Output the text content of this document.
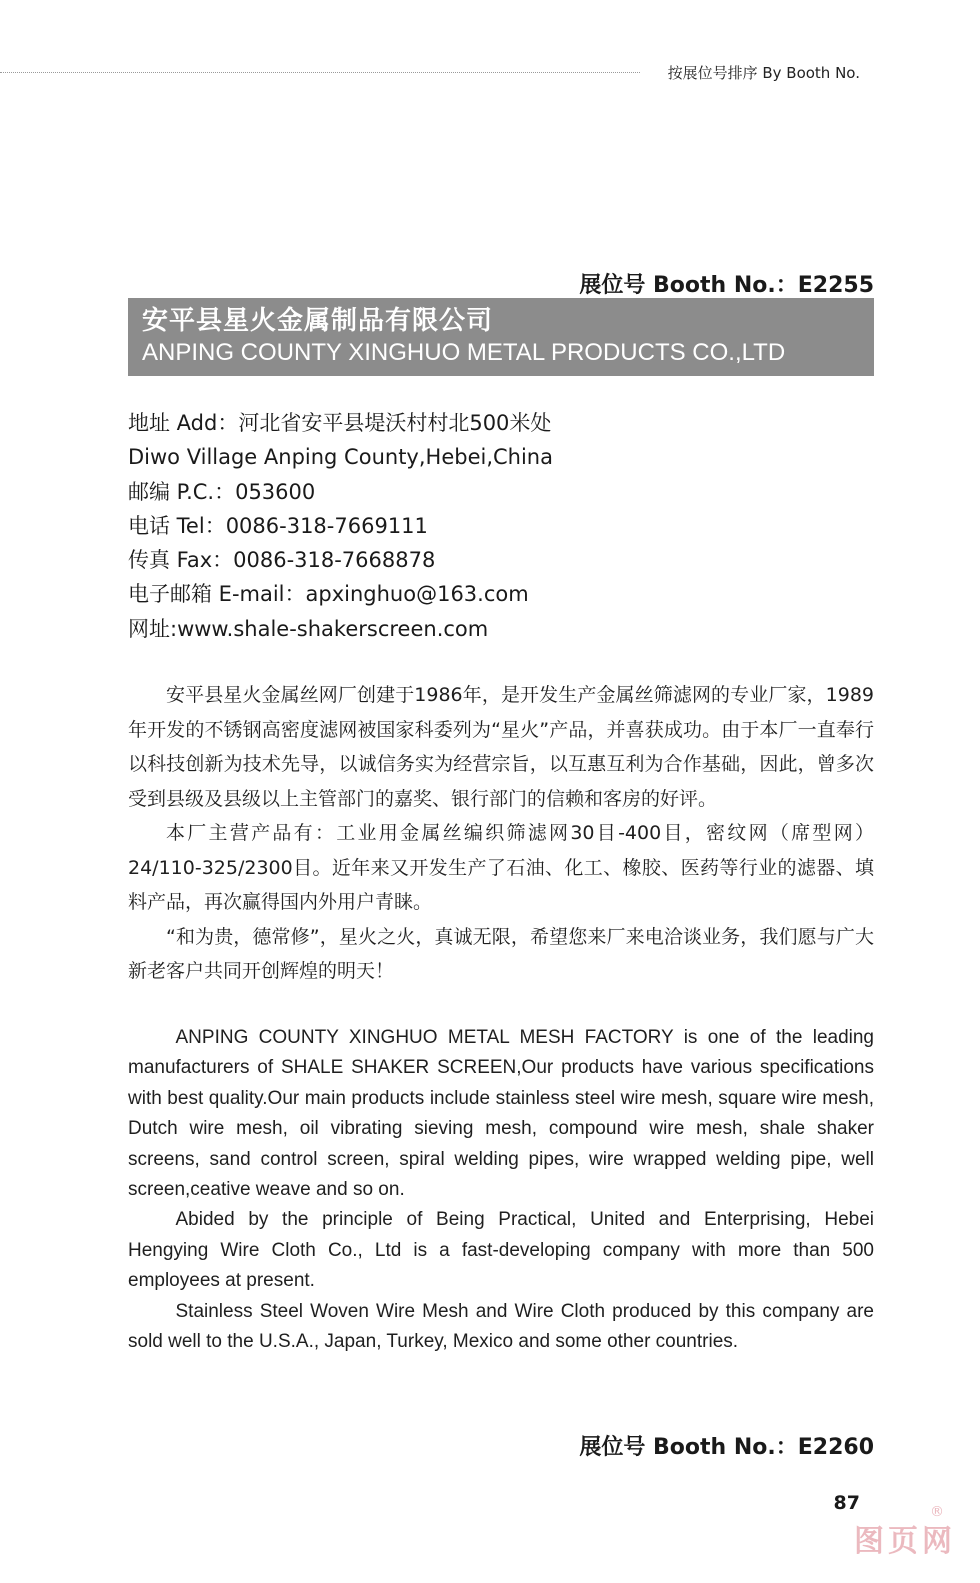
按展位号排序 By Booth No.
展位号 Booth No.：E2255
安平县星火金属制品有限公司
ANPING COUNTY XINGHUO METAL PRODUCTS CO.,LTD
地址 Add：河北省安平县堤沃村村北500米处
Diwo Village Anping County,Hebei,China
邮编 P.C.：053600
电话 Tel：0086-318-7669111
传真 Fax：0086-318-7668878
电子邮箱 E-mail：apxinghuo@163.com
网址:www.shale-shakerscreen.com

安平县星火金属丝网厂创建于1986年，是开发生产金属丝筛滤网的专业厂家，1989年开发的不锈钢高密度滤网被国家科委列为“星火”产品，并喜获成功。由于本厂一直奉行以科技创新为技术先导，以诚信务实为经营宗旨，以互惠互利为合作基础，因此，曾多次受到县级及县级以上主管部门的嘉奖、银行部门的信赖和客房的好评。

本厂主营产品有：工业用金属丝编织筛滤网30目-400目，密纹网（席型网）24/110-325/2300目。近年来又开发生产了石油、化工、橡胶、医药等行业的滤器、填料产品，再次赢得国内外用户青睐。

“和为贵，德常修”，星火之火，真诚无限，希望您来厂来电洽谈业务，我们愿与广大新老客户共同开创辉煌的明天！

ANPING COUNTY XINGHUO METAL MESH FACTORY is one of the leading manufacturers of SHALE SHAKER SCREEN,Our products have various specifications with best quality.Our main products include stainless steel wire mesh, square wire mesh, Dutch wire mesh, oil vibrating sieving mesh, compound wire mesh, shale shaker screens, sand control screen, spiral welding pipes, wire wrapped welding pipe, well screen,ceative weave and so on.

Abided by the principle of Being Practical, United and Enterprising, Hebei Hengying Wire Cloth Co., Ltd is a fast-developing company with more than 500 employees at present.

Stainless Steel Woven Wire Mesh and Wire Cloth produced by this company are sold well to the U.S.A., Japan, Turkey, Mexico and some other countries.

展位号 Booth No.：E2260
87
图页网
®
